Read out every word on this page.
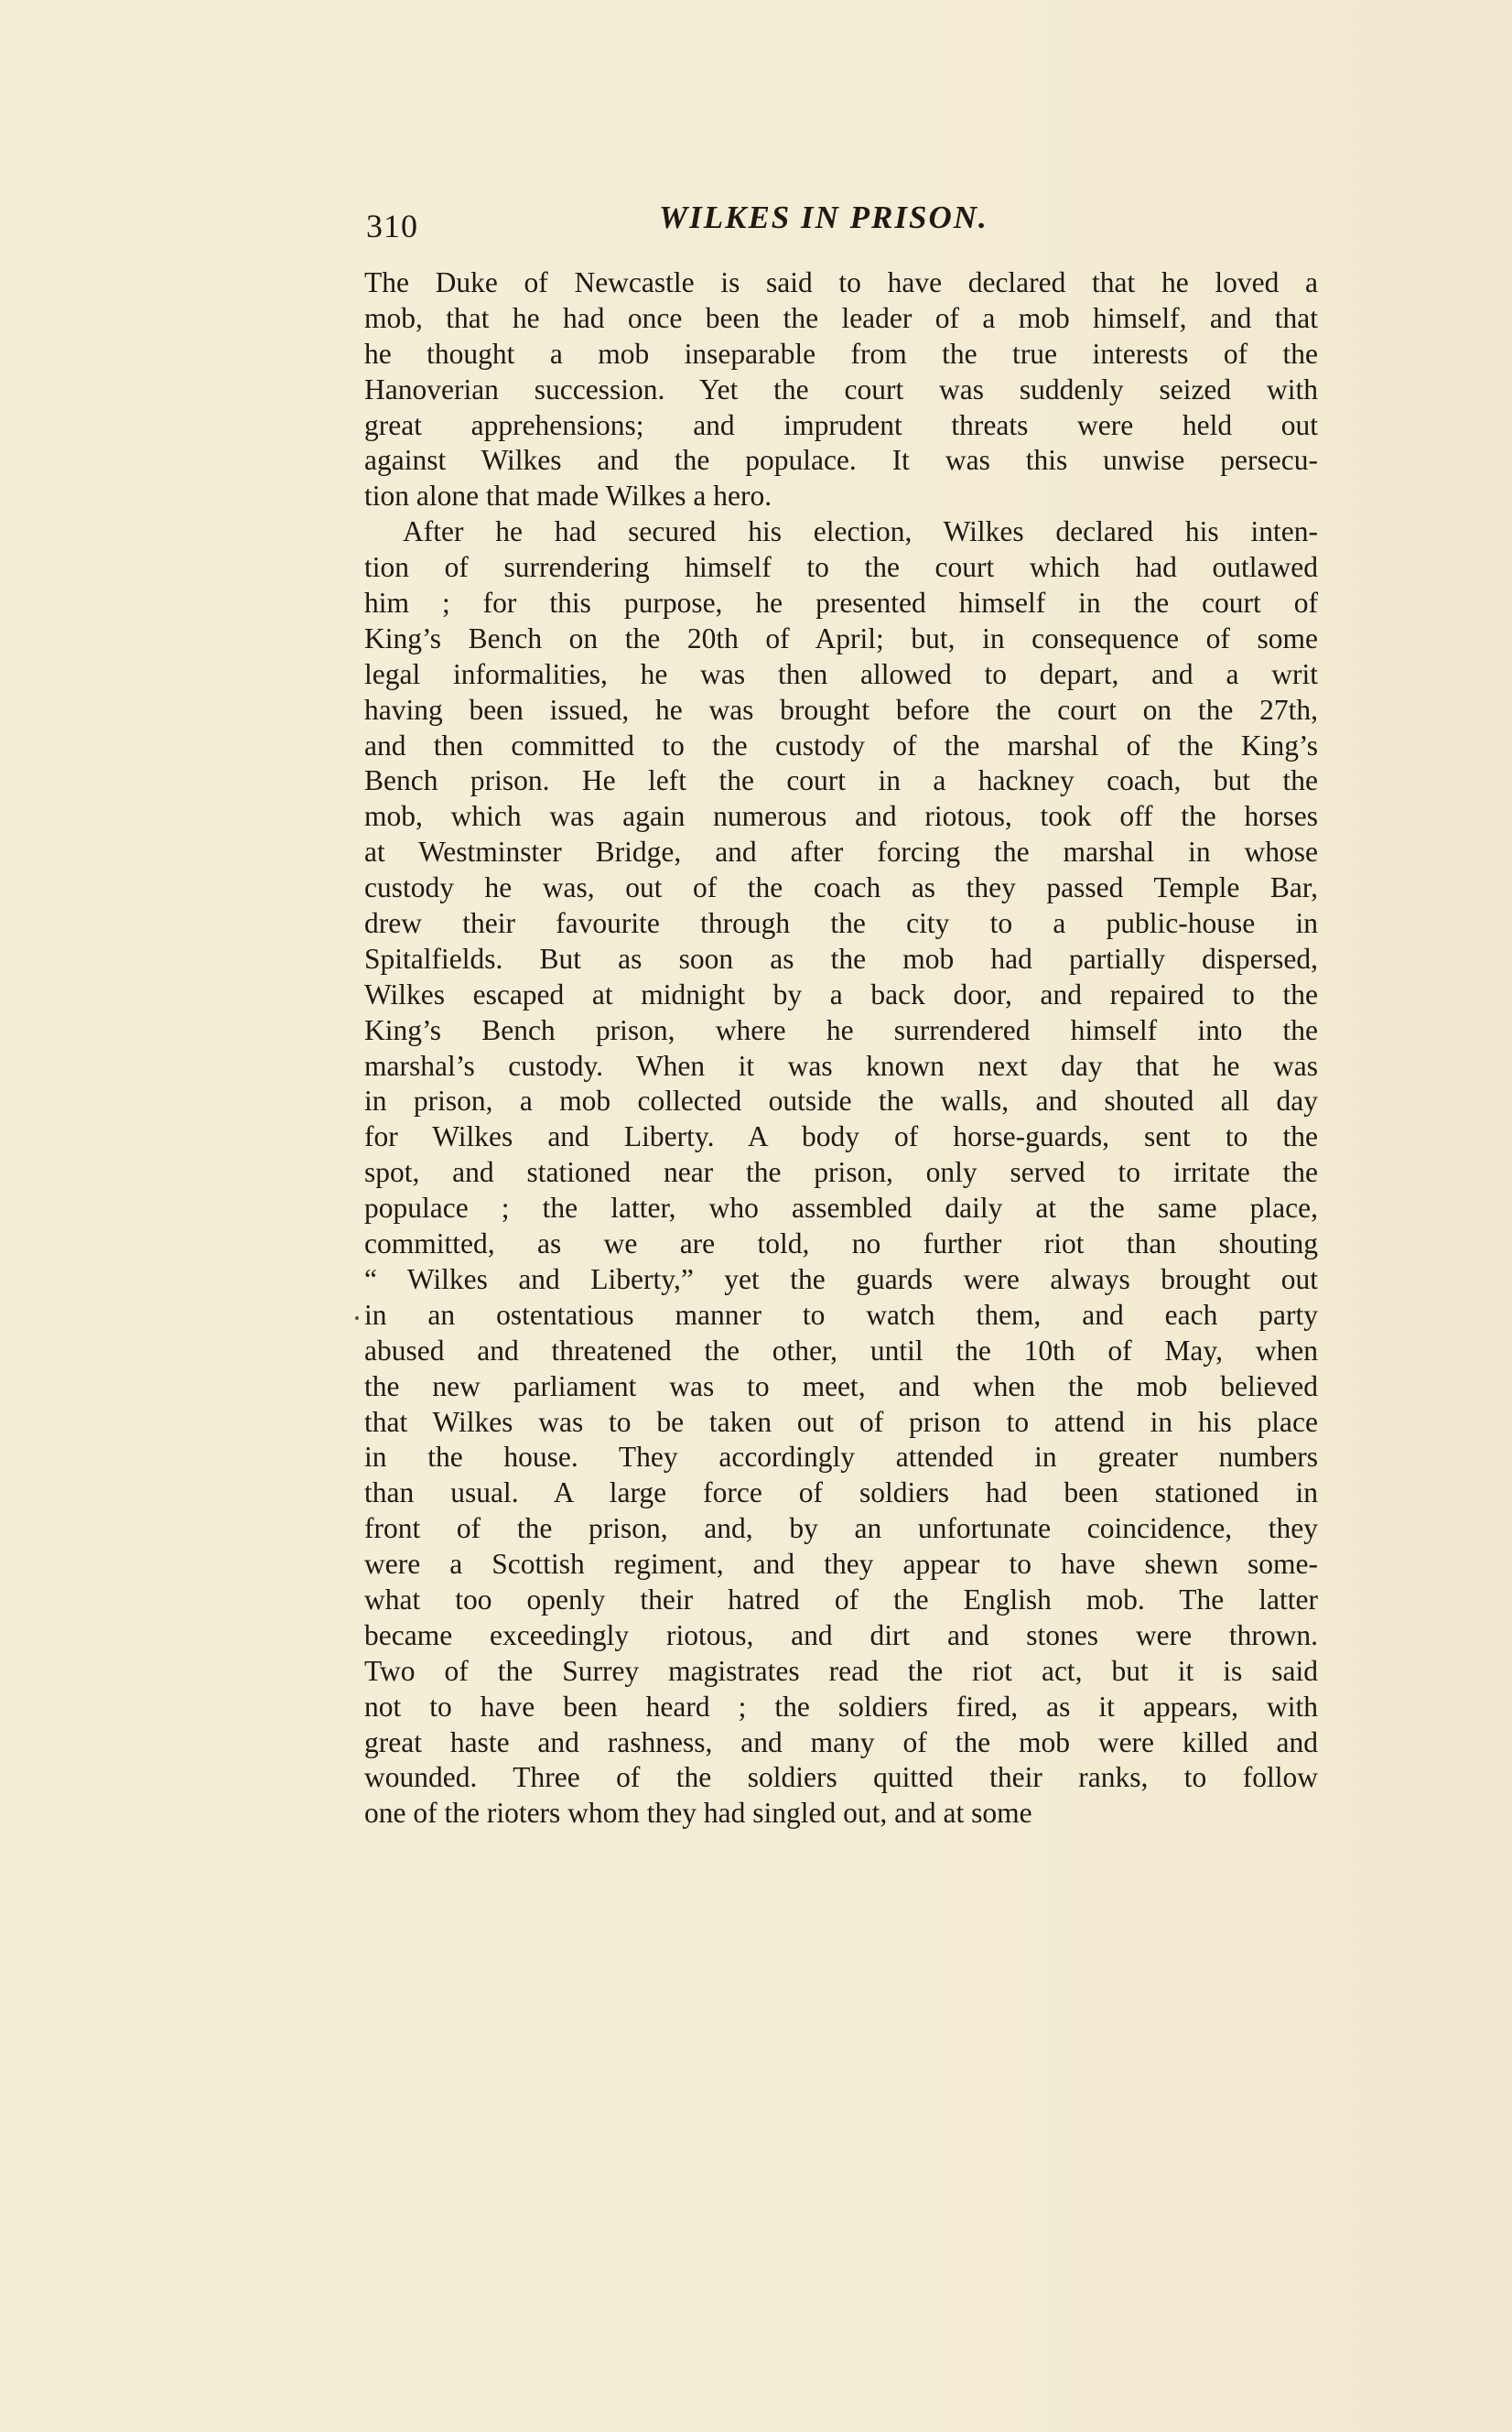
310	WILKES IN PRISON.
The Duke of Newcastle is said to have declared that he loved a
mob, that he had once been the leader of a mob himself, and that
he thought a mob inseparable from the true interests of the
Hanoverian succession. Yet the court was suddenly seized with
great apprehensions; and imprudent threats were held out
against Wilkes and the populace. It was this unwise persecu-
tion alone that made Wilkes a hero.
After he had secured his election, Wilkes declared his inten-
tion of surrendering himself to the court which had outlawed
him ; for this purpose, he presented himself in the court of
King’s Bench on the 20th of April; but, in consequence of some
legal informalities, he was then allowed to depart, and a writ
having been issued, he was brought before the court on the 27th,
and then committed to the custody of the marshal of the King’s
Bench prison. He left the court in a hackney coach, but the
mob, which was again numerous and riotous, took off the horses
at Westminster Bridge, and after forcing the marshal in whose
custody he was, out of the coach as they passed Temple Bar,
drew their favourite through the city to a public-house in
Spitalfields. But as soon as the mob had partially dispersed,
Wilkes escaped at midnight by a back door, and repaired to the
King’s Bench prison, where he surrendered himself into the
marshal’s custody. When it was known next day that he was
in prison, a mob collected outside the walls, and shouted all day
for Wilkes and Liberty. A body of horse-guards, sent to the
spot, and stationed near the prison, only served to irritate the
populace ; the latter, who assembled daily at the same place,
committed, as we are told, no further riot than shouting
“ Wilkes and Liberty,” yet the guards were always brought out
in an ostentatious manner to watch them, and each party
abused and threatened the other, until the 10th of May, when
the new parliament was to meet, and when the mob believed
that Wilkes was to be taken out of prison to attend in his place
in the house. They accordingly attended in greater numbers
than usual. A large force of soldiers had been stationed in
front of the prison, and, by an unfortunate coincidence, they
were a Scottish regiment, and they appear to have shewn some-
what too openly their hatred of the English mob. The latter
became exceedingly riotous, and dirt and stones were thrown.
Two of the Surrey magistrates read the riot act, but it is said
not to have been heard ; the soldiers fired, as it appears, with
great haste and rashness, and many of the mob were killed and
wounded. Three of the soldiers quitted their ranks, to follow
one of the rioters whom they had singled out, and at some
